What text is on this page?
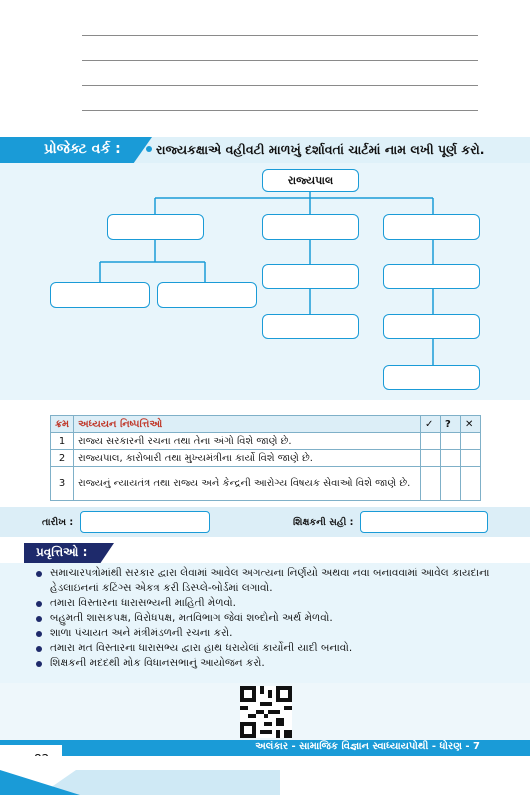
પ્રોજેક્ટ વર્ક :	રાજ્યકક્ષાએ વહીવટી માળખું દર્શાવતાં ચાર્ટમાં નામ લખી પૂર્ણ કરો.
રાજ્યપાલ
ક્રમ	અધ્યયન નિષ્પત્તિઓ	✓	?	✕
1	રાજ્ય સરકારની રચના તથા તેના અંગો વિશે જાણે છે.			
2	રાજ્યપાલ, કારોબારી તથા મુખ્યમંત્રીના કાર્યો વિશે જાણે છે.			
3	રાજ્યનું ન્યાયતંત્ર તથા રાજ્ય અને કેન્દ્રની આરોગ્ય વિષયક સેવાઓ વિશે જાણે છે.			
તારીખ :	શિક્ષકની સહી :
પ્રવૃત્તિઓ :
સમાચારપત્રોમાંથી સરકાર દ્વારા લેવામાં આવેલ અગત્યના નિર્ણયો અથવા નવા બનાવવામાં આવેલ કાયદાના હેડલાઇનનાં કટિંગ્સ એકત્ર કરી ડિસ્પ્લે-બોર્ડમાં લગાવો.
તમારા વિસ્તારના ધારાસભ્યની માહિતી મેળવો.
બહુમતી શાસકપક્ષ, વિરોધપક્ષ, મતવિભાગ જેવાં શબ્દોનો અર્થ મેળવો.
શાળા પંચાયત અને મંત્રીમંડળની રચના કરો.
તમારા મત વિસ્તારના ધારાસભ્ય દ્વારા હાથ ધરાયેલાં કાર્યોની યાદી બનાવો.
શિક્ષકની મદદથી મોક વિધાનસભાનું આયોજન કરો.
અલંકાર - સામાજિક વિજ્ઞાન સ્વાધ્યાયપોથી - ધોરણ - 7
